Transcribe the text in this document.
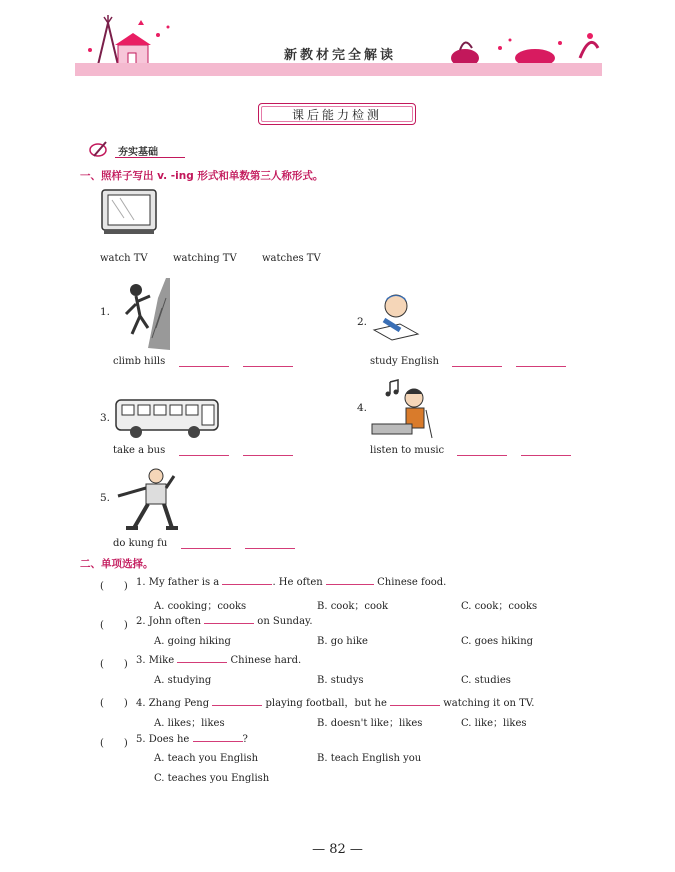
新教材完全解读
课后能力检测
夯实基础
一、照样子写出 v. -ing 形式和单数第三人称形式。
watch TV	watching TV	watches TV
1.
climb hills
2.
study English
3.
take a bus
4.
listen to music
5.
do kung fu
二、单项选择。
(　　) 1. My father is a	. He often	Chinese food.
A. cooking；cooks	B. cook；cook	C. cook；cooks
(　　) 2. John often	on Sunday.
A. going hiking	B. go hike	C. goes hiking
(　　) 3. Mike	Chinese hard.
A. studying	B. studys	C. studies
(　　) 4. Zhang Peng	playing football，but he	watching it on TV.
A. likes；likes	B. doesn't like；likes	C. like；likes
(　　) 5. Does he	?
A. teach you English	B. teach English you
C. teaches you English
— 82 —
